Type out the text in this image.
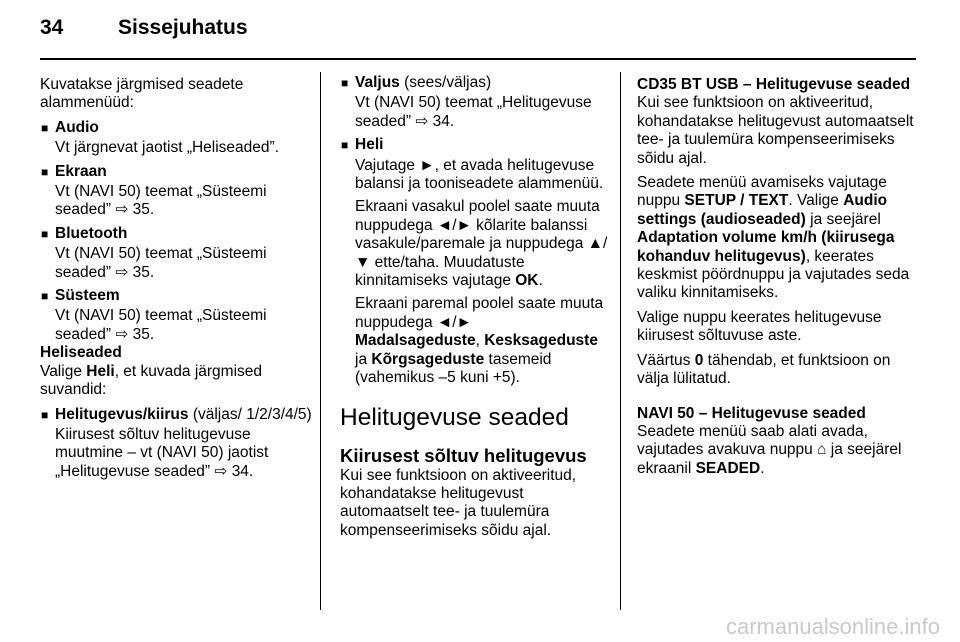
34	Sissejuhatus

Kuvatakse järgmised seadete alammenüüd:

■ Audio

Vt järgnevat jaotist „Heliseaded”.

■ Ekraan

Vt (NAVI 50) teemat „Süsteemi seaded” ⇨ 35.

■ Bluetooth

Vt (NAVI 50) teemat „Süsteemi seaded” ⇨ 35.

■ Süsteem

Vt (NAVI 50) teemat „Süsteemi seaded” ⇨ 35.

Heliseaded

Valige Heli, et kuvada järgmised suvandid:

■ Helitugevus/kiirus (väljas/ 1/2/3/4/5)

Kiirusest sõltuv helitugevuse muutmine – vt (NAVI 50) jaotist „Helitugevuse seaded” ⇨ 34.

■ Valjus (sees/väljas)

Vt (NAVI 50) teemat „Helitugevuse seaded” ⇨ 34.

■ Heli

Vajutage ►, et avada helitugevuse balansi ja tooniseadete alammenüü.

Ekraani vasakul poolel saate muuta nuppudega ◄/► kõlarite balanssi vasakule/paremale ja nuppudega ▲/▼ ette/taha. Muudatuste kinnitamiseks vajutage OK.

Ekraani paremal poolel saate muuta nuppudega ◄/►
Madalsageduste, Kesksageduste
ja Kõrgsageduste tasemeid (vahemikus –5 kuni +5).

Helitugevuse seaded
Kiirusest sõltuv helitugevus

Kui see funktsioon on aktiveeritud, kohandatakse helitugevust automaatselt tee- ja tuulemüra kompenseerimiseks sõidu ajal.

CD35 BT USB – Helitugevuse seaded

Kui see funktsioon on aktiveeritud, kohandatakse helitugevust automaatselt tee- ja tuulemüra kompenseerimiseks sõidu ajal.

Seadete menüü avamiseks vajutage nuppu SETUP / TEXT. Valige Audio settings (audioseaded) ja seejärel Adaptation volume km/h (kiirusega kohanduv helitugevus), keerates keskmist pöördnuppu ja vajutades seda valiku kinnitamiseks.

Valige nuppu keerates helitugevuse kiirusest sõltuvuse aste.

Väärtus 0 tähendab, et funktsioon on välja lülitatud.

NAVI 50 – Helitugevuse seaded

Seadete menüü saab alati avada, vajutades avakuva nuppu ⌂ ja seejärel ekraanil SEADED.

carmanualsonline.info
